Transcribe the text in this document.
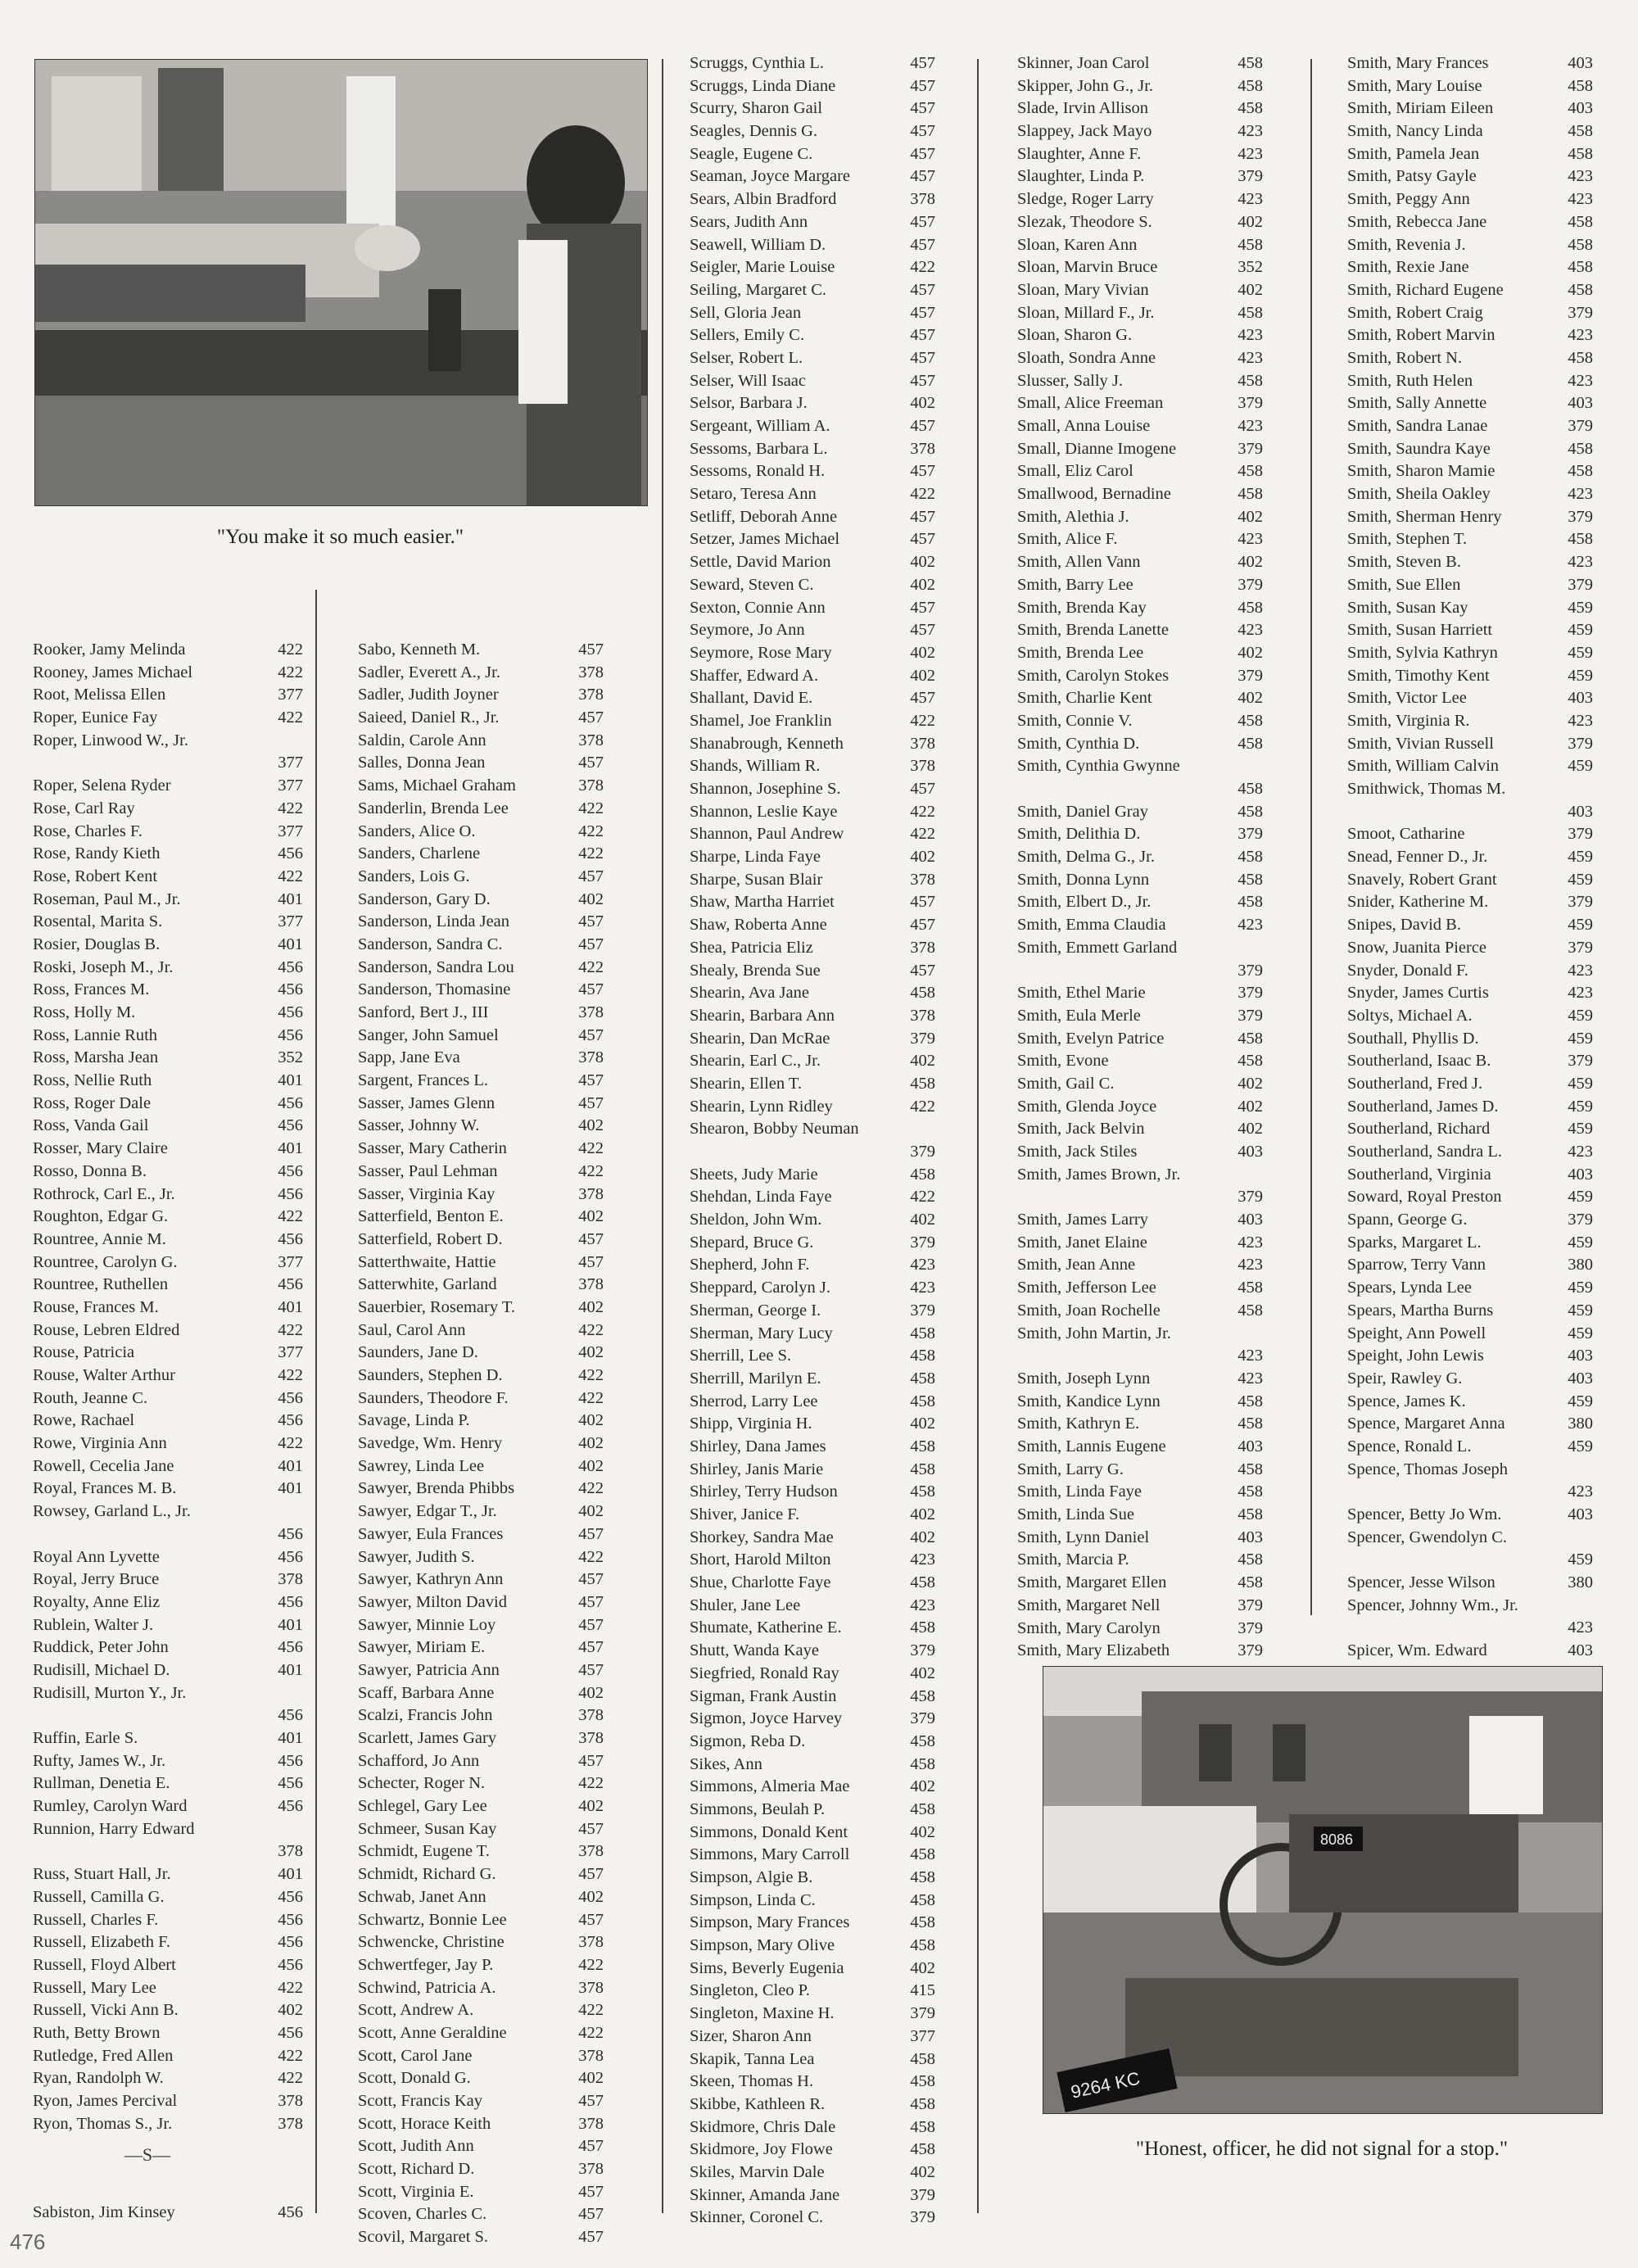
"You make it so much easier."
Rooker, Jamy Melinda	422
Rooney, James Michael	422
Root, Melissa Ellen	377
Roper, Eunice Fay	422
Roper, Linwood W., Jr.
377
Roper, Selena Ryder	377
Rose, Carl Ray	422
Rose, Charles F.	377
Rose, Randy Kieth	456
Rose, Robert Kent	422
Roseman, Paul M., Jr.	401
Rosental, Marita S.	377
Rosier, Douglas B.	401
Roski, Joseph M., Jr.	456
Ross, Frances M.	456
Ross, Holly M.	456
Ross, Lannie Ruth	456
Ross, Marsha Jean	352
Ross, Nellie Ruth	401
Ross, Roger Dale	456
Ross, Vanda Gail	456
Rosser, Mary Claire	401
Rosso, Donna B.	456
Rothrock, Carl E., Jr.	456
Roughton, Edgar G.	422
Rountree, Annie M.	456
Rountree, Carolyn G.	377
Rountree, Ruthellen	456
Rouse, Frances M.	401
Rouse, Lebren Eldred	422
Rouse, Patricia	377
Rouse, Walter Arthur	422
Routh, Jeanne C.	456
Rowe, Rachael	456
Rowe, Virginia Ann	422
Rowell, Cecelia Jane	401
Royal, Frances M. B.	401
Rowsey, Garland L., Jr.
456
Royal Ann Lyvette	456
Royal, Jerry Bruce	378
Royalty, Anne Eliz	456
Rublein, Walter J.	401
Ruddick, Peter John	456
Rudisill, Michael D.	401
Rudisill, Murton Y., Jr.
456
Ruffin, Earle S.	401
Rufty, James W., Jr.	456
Rullman, Denetia E.	456
Rumley, Carolyn Ward	456
Runnion, Harry Edward
378
Russ, Stuart Hall, Jr.	401
Russell, Camilla G.	456
Russell, Charles F.	456
Russell, Elizabeth F.	456
Russell, Floyd Albert	456
Russell, Mary Lee	422
Russell, Vicki Ann B.	402
Ruth, Betty Brown	456
Rutledge, Fred Allen	422
Ryan, Randolph W.	422
Ryon, James Percival	378
Ryon, Thomas S., Jr.	378
—S—
Sabiston, Jim Kinsey	456
Sabo, Kenneth M.	457
Sadler, Everett A., Jr.	378
Sadler, Judith Joyner	378
Saieed, Daniel R., Jr.	457
Saldin, Carole Ann	378
Salles, Donna Jean	457
Sams, Michael Graham	378
Sanderlin, Brenda Lee	422
Sanders, Alice O.	422
Sanders, Charlene	422
Sanders, Lois G.	457
Sanderson, Gary D.	402
Sanderson, Linda Jean	457
Sanderson, Sandra C.	457
Sanderson, Sandra Lou	422
Sanderson, Thomasine	457
Sanford, Bert J., III	378
Sanger, John Samuel	457
Sapp, Jane Eva	378
Sargent, Frances L.	457
Sasser, James Glenn	457
Sasser, Johnny W.	402
Sasser, Mary Catherin	422
Sasser, Paul Lehman	422
Sasser, Virginia Kay	378
Satterfield, Benton E.	402
Satterfield, Robert D.	457
Satterthwaite, Hattie	457
Satterwhite, Garland	378
Sauerbier, Rosemary T.	402
Saul, Carol Ann	422
Saunders, Jane D.	402
Saunders, Stephen D.	422
Saunders, Theodore F.	422
Savage, Linda P.	402
Savedge, Wm. Henry	402
Sawrey, Linda Lee	402
Sawyer, Brenda Phibbs	422
Sawyer, Edgar T., Jr.	402
Sawyer, Eula Frances	457
Sawyer, Judith S.	422
Sawyer, Kathryn Ann	457
Sawyer, Milton David	457
Sawyer, Minnie Loy	457
Sawyer, Miriam E.	457
Sawyer, Patricia Ann	457
Scaff, Barbara Anne	402
Scalzi, Francis John	378
Scarlett, James Gary	378
Schafford, Jo Ann	457
Schecter, Roger N.	422
Schlegel, Gary Lee	402
Schmeer, Susan Kay	457
Schmidt, Eugene T.	378
Schmidt, Richard G.	457
Schwab, Janet Ann	402
Schwartz, Bonnie Lee	457
Schwencke, Christine	378
Schwertfeger, Jay P.	422
Schwind, Patricia A.	378
Scott, Andrew A.	422
Scott, Anne Geraldine	422
Scott, Carol Jane	378
Scott, Donald G.	402
Scott, Francis Kay	457
Scott, Horace Keith	378
Scott, Judith Ann	457
Scott, Richard D.	378
Scott, Virginia E.	457
Scoven, Charles C.	457
Scovil, Margaret S.	457
Scruggs, Cynthia L.	457
Scruggs, Linda Diane	457
Scurry, Sharon Gail	457
Seagles, Dennis G.	457
Seagle, Eugene C.	457
Seaman, Joyce Margare	457
Sears, Albin Bradford	378
Sears, Judith Ann	457
Seawell, William D.	457
Seigler, Marie Louise	422
Seiling, Margaret C.	457
Sell, Gloria Jean	457
Sellers, Emily C.	457
Selser, Robert L.	457
Selser, Will Isaac	457
Selsor, Barbara J.	402
Sergeant, William A.	457
Sessoms, Barbara L.	378
Sessoms, Ronald H.	457
Setaro, Teresa Ann	422
Setliff, Deborah Anne	457
Setzer, James Michael	457
Settle, David Marion	402
Seward, Steven C.	402
Sexton, Connie Ann	457
Seymore, Jo Ann	457
Seymore, Rose Mary	402
Shaffer, Edward A.	402
Shallant, David E.	457
Shamel, Joe Franklin	422
Shanabrough, Kenneth	378
Shands, William R.	378
Shannon, Josephine S.	457
Shannon, Leslie Kaye	422
Shannon, Paul Andrew	422
Sharpe, Linda Faye	402
Sharpe, Susan Blair	378
Shaw, Martha Harriet	457
Shaw, Roberta Anne	457
Shea, Patricia Eliz	378
Shealy, Brenda Sue	457
Shearin, Ava Jane	458
Shearin, Barbara Ann	378
Shearin, Dan McRae	379
Shearin, Earl C., Jr.	402
Shearin, Ellen T.	458
Shearin, Lynn Ridley	422
Shearon, Bobby Neuman
379
Sheets, Judy Marie	458
Shehdan, Linda Faye	422
Sheldon, John Wm.	402
Shepard, Bruce G.	379
Shepherd, John F.	423
Sheppard, Carolyn J.	423
Sherman, George I.	379
Sherman, Mary Lucy	458
Sherrill, Lee S.	458
Sherrill, Marilyn E.	458
Sherrod, Larry Lee	458
Shipp, Virginia H.	402
Shirley, Dana James	458
Shirley, Janis Marie	458
Shirley, Terry Hudson	458
Shiver, Janice F.	402
Shorkey, Sandra Mae	402
Short, Harold Milton	423
Shue, Charlotte Faye	458
Shuler, Jane Lee	423
Shumate, Katherine E.	458
Shutt, Wanda Kaye	379
Siegfried, Ronald Ray	402
Sigman, Frank Austin	458
Sigmon, Joyce Harvey	379
Sigmon, Reba D.	458
Sikes, Ann	458
Simmons, Almeria Mae	402
Simmons, Beulah P.	458
Simmons, Donald Kent	402
Simmons, Mary Carroll	458
Simpson, Algie B.	458
Simpson, Linda C.	458
Simpson, Mary Frances	458
Simpson, Mary Olive	458
Sims, Beverly Eugenia	402
Singleton, Cleo P.	415
Singleton, Maxine H.	379
Sizer, Sharon Ann	377
Skapik, Tanna Lea	458
Skeen, Thomas H.	458
Skibbe, Kathleen R.	458
Skidmore, Chris Dale	458
Skidmore, Joy Flowe	458
Skiles, Marvin Dale	402
Skinner, Amanda Jane	379
Skinner, Coronel C.	379
Skinner, Joan Carol	458
Skipper, John G., Jr.	458
Slade, Irvin Allison	458
Slappey, Jack Mayo	423
Slaughter, Anne F.	423
Slaughter, Linda P.	379
Sledge, Roger Larry	423
Slezak, Theodore S.	402
Sloan, Karen Ann	458
Sloan, Marvin Bruce	352
Sloan, Mary Vivian	402
Sloan, Millard F., Jr.	458
Sloan, Sharon G.	423
Sloath, Sondra Anne	423
Slusser, Sally J.	458
Small, Alice Freeman	379
Small, Anna Louise	423
Small, Dianne Imogene	379
Small, Eliz Carol	458
Smallwood, Bernadine	458
Smith, Alethia J.	402
Smith, Alice F.	423
Smith, Allen Vann	402
Smith, Barry Lee	379
Smith, Brenda Kay	458
Smith, Brenda Lanette	423
Smith, Brenda Lee	402
Smith, Carolyn Stokes	379
Smith, Charlie Kent	402
Smith, Connie V.	458
Smith, Cynthia D.	458
Smith, Cynthia Gwynne
458
Smith, Daniel Gray	458
Smith, Delithia D.	379
Smith, Delma G., Jr.	458
Smith, Donna Lynn	458
Smith, Elbert D., Jr.	458
Smith, Emma Claudia	423
Smith, Emmett Garland
379
Smith, Ethel Marie	379
Smith, Eula Merle	379
Smith, Evelyn Patrice	458
Smith, Evone	458
Smith, Gail C.	402
Smith, Glenda Joyce	402
Smith, Jack Belvin	402
Smith, Jack Stiles	403
Smith, James Brown, Jr.
379
Smith, James Larry	403
Smith, Janet Elaine	423
Smith, Jean Anne	423
Smith, Jefferson Lee	458
Smith, Joan Rochelle	458
Smith, John Martin, Jr.
423
Smith, Joseph Lynn	423
Smith, Kandice Lynn	458
Smith, Kathryn E.	458
Smith, Lannis Eugene	403
Smith, Larry G.	458
Smith, Linda Faye	458
Smith, Linda Sue	458
Smith, Lynn Daniel	403
Smith, Marcia P.	458
Smith, Margaret Ellen	458
Smith, Margaret Nell	379
Smith, Mary Carolyn	379
Smith, Mary Elizabeth	379
Smith, Mary Frances	403
Smith, Mary Louise	458
Smith, Miriam Eileen	403
Smith, Nancy Linda	458
Smith, Pamela Jean	458
Smith, Patsy Gayle	423
Smith, Peggy Ann	423
Smith, Rebecca Jane	458
Smith, Revenia J.	458
Smith, Rexie Jane	458
Smith, Richard Eugene	458
Smith, Robert Craig	379
Smith, Robert Marvin	423
Smith, Robert N.	458
Smith, Ruth Helen	423
Smith, Sally Annette	403
Smith, Sandra Lanae	379
Smith, Saundra Kaye	458
Smith, Sharon Mamie	458
Smith, Sheila Oakley	423
Smith, Sherman Henry	379
Smith, Stephen T.	458
Smith, Steven B.	423
Smith, Sue Ellen	379
Smith, Susan Kay	459
Smith, Susan Harriett	459
Smith, Sylvia Kathryn	459
Smith, Timothy Kent	459
Smith, Victor Lee	403
Smith, Virginia R.	423
Smith, Vivian Russell	379
Smith, William Calvin	459
Smithwick, Thomas M.
403
Smoot, Catharine	379
Snead, Fenner D., Jr.	459
Snavely, Robert Grant	459
Snider, Katherine M.	379
Snipes, David B.	459
Snow, Juanita Pierce	379
Snyder, Donald F.	423
Snyder, James Curtis	423
Soltys, Michael A.	459
Southall, Phyllis D.	459
Southerland, Isaac B.	379
Southerland, Fred J.	459
Southerland, James D.	459
Southerland, Richard	459
Southerland, Sandra L.	423
Southerland, Virginia	403
Soward, Royal Preston	459
Spann, George G.	379
Sparks, Margaret L.	459
Sparrow, Terry Vann	380
Spears, Lynda Lee	459
Spears, Martha Burns	459
Speight, Ann Powell	459
Speight, John Lewis	403
Speir, Rawley G.	403
Spence, James K.	459
Spence, Margaret Anna	380
Spence, Ronald L.	459
Spence, Thomas Joseph
423
Spencer, Betty Jo Wm.	403
Spencer, Gwendolyn C.
459
Spencer, Jesse Wilson	380
Spencer, Johnny Wm., Jr.
423
Spicer, Wm. Edward	403
8086
9264 KC
"Honest, officer, he did not signal for a stop."
476
